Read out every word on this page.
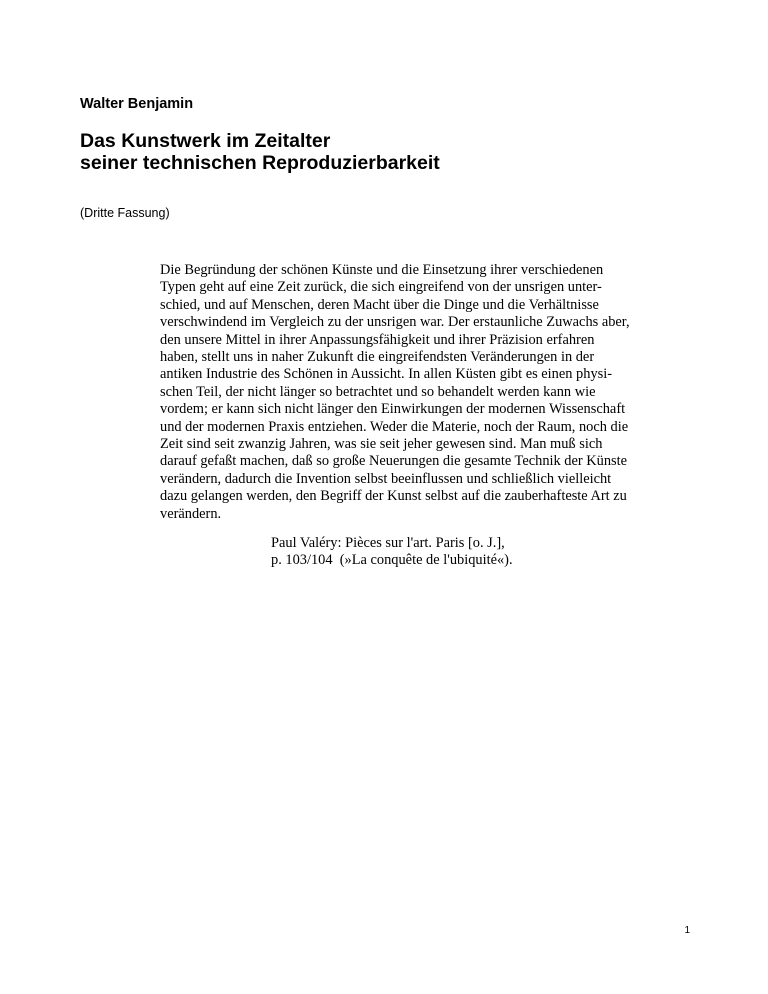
Walter Benjamin
Das Kunstwerk im Zeitalter
seiner technischen Reproduzierbarkeit
(Dritte Fassung)
Die Begründung der schönen Künste und die Einsetzung ihrer verschiedenen
Typen geht auf eine Zeit zurück, die sich eingreifend von der unsrigen unter-
schied, und auf Menschen, deren Macht über die Dinge und die Verhältnisse
verschwindend im Vergleich zu der unsrigen war. Der erstaunliche Zuwachs aber,
den unsere Mittel in ihrer Anpassungsfähigkeit und ihrer Präzision erfahren
haben, stellt uns in naher Zukunft die eingreifendsten Veränderungen in der
antiken Industrie des Schönen in Aussicht. In allen Küsten gibt es einen physi-
schen Teil, der nicht länger so betrachtet und so behandelt werden kann wie
vordem; er kann sich nicht länger den Einwirkungen der modernen Wissenschaft
und der modernen Praxis entziehen. Weder die Materie, noch der Raum, noch die
Zeit sind seit zwanzig Jahren, was sie seit jeher gewesen sind. Man muß sich
darauf gefaßt machen, daß so große Neuerungen die gesamte Technik der Künste
verändern, dadurch die Invention selbst beeinflussen und schließlich vielleicht
dazu gelangen werden, den Begriff der Kunst selbst auf die zauberhafteste Art zu
verändern.
Paul Valéry: Pièces sur l'art. Paris [o. J.],
p. 103/104  (»La conquête de l'ubiquité«).
1
